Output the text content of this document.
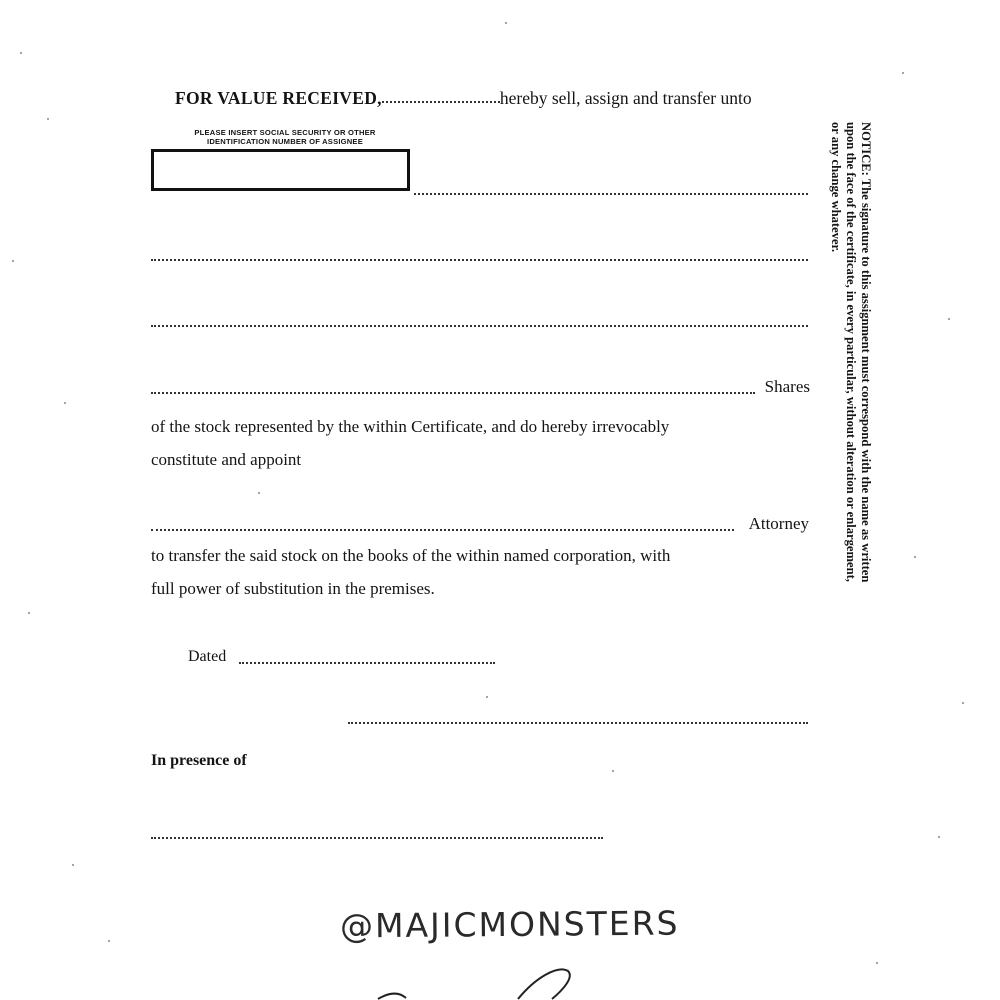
FOR VALUE RECEIVED,	hereby sell, assign and transfer unto
PLEASE INSERT SOCIAL SECURITY OR OTHER
IDENTIFICATION NUMBER OF ASSIGNEE
Shares
of the stock represented by the within Certificate, and do hereby irrevocably
constitute and appoint
Attorney
to transfer the said stock on the books of the within named corporation, with
full power of substitution in the premises.
Dated
In presence of
NOTICE: The signature to this assignment must correspond with the name as written
upon the face of the certificate, in every particular, without alteration or enlargement,
or any change whatever.
@MAJICMONSTERS
